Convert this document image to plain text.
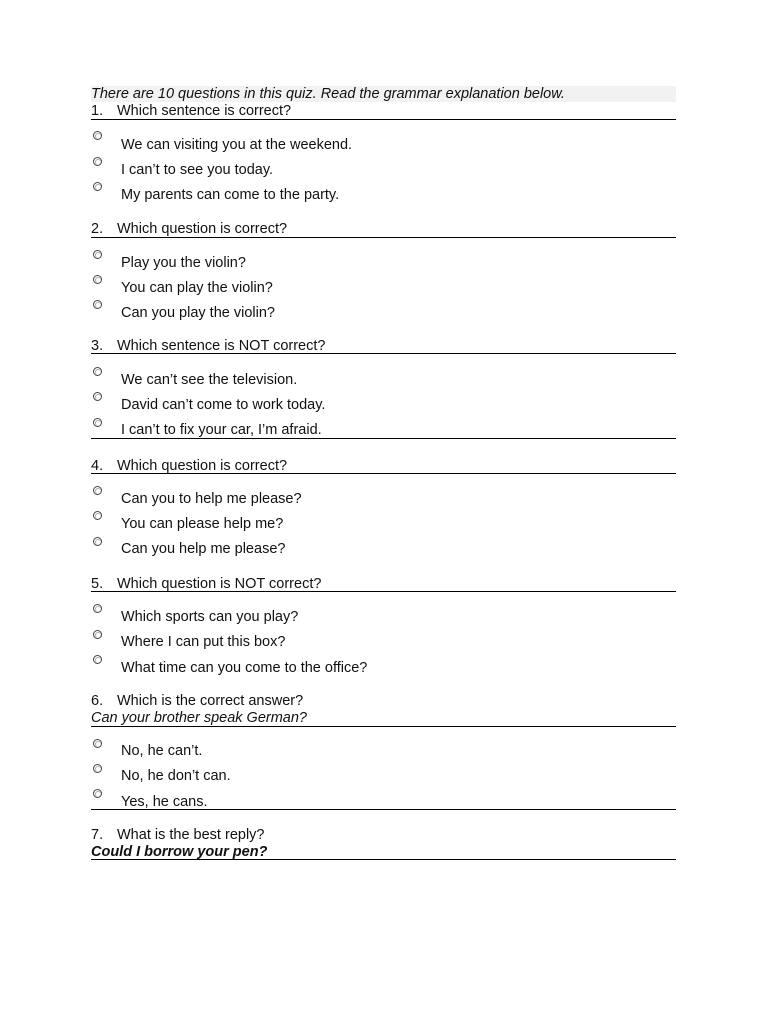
There are 10 questions in this quiz. Read the grammar explanation below.
1. Which sentence is correct?
We can visiting you at the weekend.
I can’t to see you today.
My parents can come to the party.
2. Which question is correct?
Play you the violin?
You can play the violin?
Can you play the violin?
3. Which sentence is NOT correct?
We can’t see the television.
David can’t come to work today.
I can’t to fix your car, I’m afraid.
4. Which question is correct?
Can you to help me please?
You can please help me?
Can you help me please?
5. Which question is NOT correct?
Which sports can you play?
Where I can put this box?
What time can you come to the office?
6. Which is the correct answer?
Can your brother speak German?
No, he can’t.
No, he don’t can.
Yes, he cans.
7. What is the best reply?
Could I borrow your pen?
